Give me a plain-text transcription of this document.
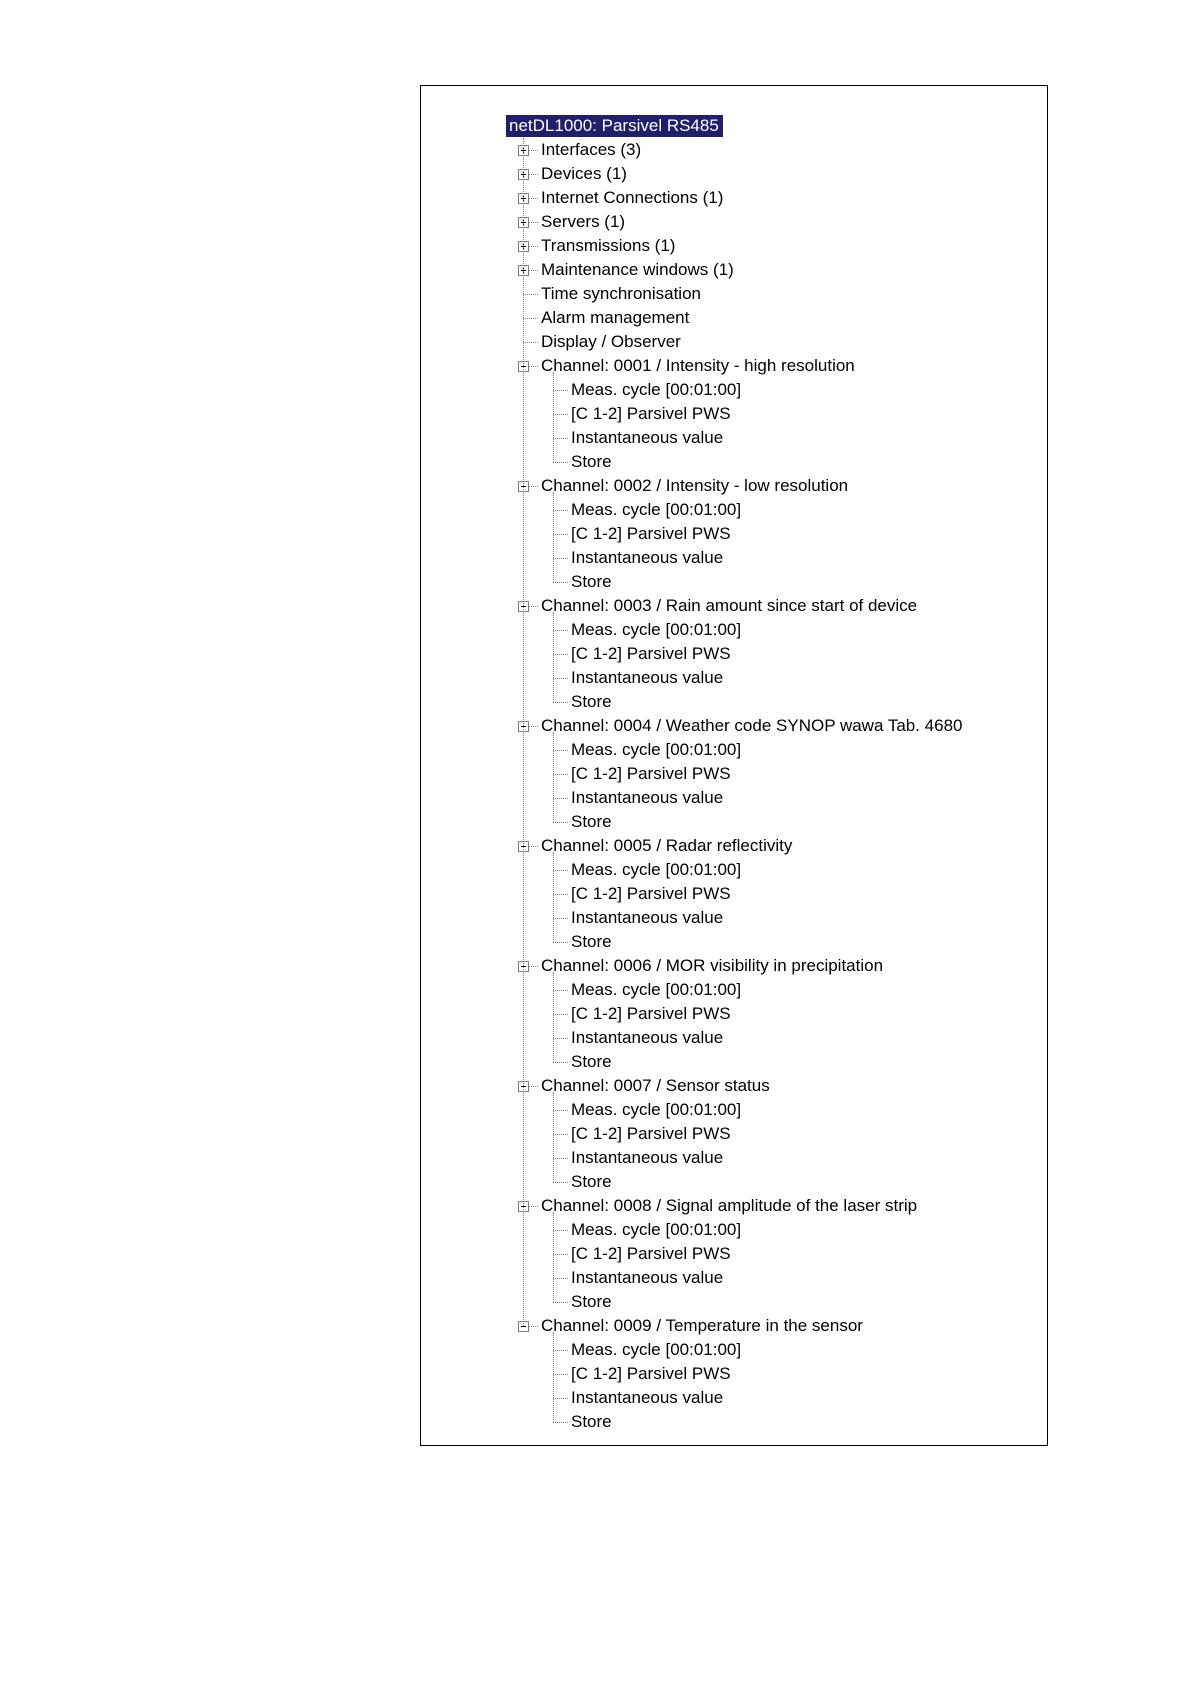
Interfaces (3)
Devices (1)
Internet Connections (1)
Servers (1)
Transmissions (1)
Maintenance windows (1)
Time synchronisation
Alarm management
Display / Observer
Channel: 0001 / Intensity - high resolution
Meas. cycle [00:01:00]
[C 1-2] Parsivel PWS
Instantaneous value
Store
Channel: 0002 / Intensity - low resolution
Meas. cycle [00:01:00]
[C 1-2] Parsivel PWS
Instantaneous value
Store
Channel: 0003 / Rain amount since start of device
Meas. cycle [00:01:00]
[C 1-2] Parsivel PWS
Instantaneous value
Store
Channel: 0004 / Weather code SYNOP wawa Tab. 4680
Meas. cycle [00:01:00]
[C 1-2] Parsivel PWS
Instantaneous value
Store
Channel: 0005 / Radar reflectivity
Meas. cycle [00:01:00]
[C 1-2] Parsivel PWS
Instantaneous value
Store
Channel: 0006 / MOR visibility in precipitation
Meas. cycle [00:01:00]
[C 1-2] Parsivel PWS
Instantaneous value
Store
Channel: 0007 / Sensor status
Meas. cycle [00:01:00]
[C 1-2] Parsivel PWS
Instantaneous value
Store
Channel: 0008 / Signal amplitude of the laser strip
Meas. cycle [00:01:00]
[C 1-2] Parsivel PWS
Instantaneous value
Store
Channel: 0009 / Temperature in the sensor
Meas. cycle [00:01:00]
[C 1-2] Parsivel PWS
Instantaneous value
Store
netDL1000: Parsivel RS485
